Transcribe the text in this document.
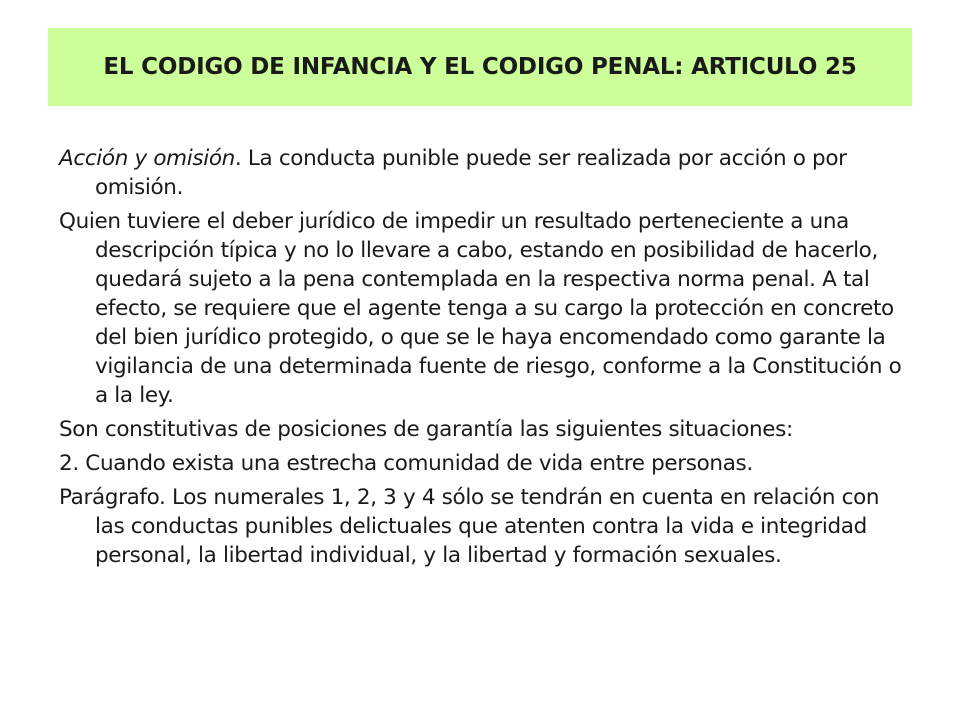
EL CODIGO DE INFANCIA Y EL CODIGO PENAL: ARTICULO 25

Acción y omisión. La conducta punible puede ser realizada por acción o por omisión.

Quien tuviere el deber jurídico de impedir un resultado perteneciente a una descripción típica y no lo llevare a cabo, estando en posibilidad de hacerlo, quedará sujeto a la pena contemplada en la respectiva norma penal. A tal efecto, se requiere que el agente tenga a su cargo la protección en concreto del bien jurídico protegido, o que se le haya encomendado como garante la vigilancia de una determinada fuente de riesgo, conforme a la Constitución o a la ley.

Son constitutivas de posiciones de garantía las siguientes situaciones:

2. Cuando exista una estrecha comunidad de vida entre personas.

Parágrafo. Los numerales 1, 2, 3 y 4 sólo se tendrán en cuenta en relación con las conductas punibles delictuales que atenten contra la vida e integridad personal, la libertad individual, y la libertad y formación sexuales.
